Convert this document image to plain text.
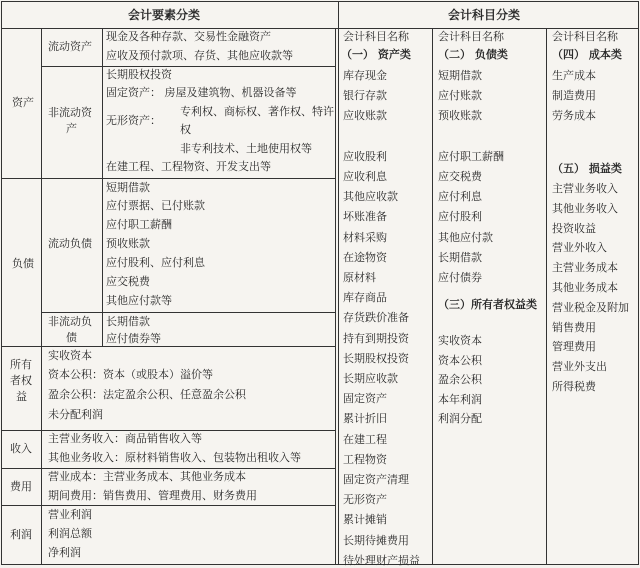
会计要素分类	会计科目分类
资产
流动资产
现金及各种存款、交易性金融资产
应收及预付款项、存货、其他应收款等
非流动资
产
长期股权投资
固定资产： 房屋及建筑物、机器设备等
专利权、商标权、著作权、特许
权
无形资产：
非专利技术、土地使用权等
在建工程、工程物资、开发支出等
负债
流动负债
短期借款
应付票据、已付账款
应付职工薪酬
预收账款
应付股利、应付利息
应交税费
其他应付款等
非流动负
债
长期借款
应付债券等
所有
者权
益
实收资本
资本公积：资本（或股本）溢价等
盈余公积：法定盈余公积、任意盈余公积
未分配利润
收入
主营业务收入：商品销售收入等
其他业务收入：原材料销售收入、包装物出租收入等
费用
营业成本：主营业务成本、其他业务成本
期间费用：销售费用、管理费用、财务费用
利润
营业利润
利润总额
净利润
会计科目名称
（一） 资产类
库存现金
银行存款
应收账款
应收股利
应收利息
其他应收款
坏账准备
材料采购
在途物资
原材料
库存商品
存货跌价准备
持有到期投资
长期股权投资
长期应收款
固定资产
累计折旧
在建工程
工程物资
固定资产清理
无形资产
累计摊销
长期待摊费用
待处理财产损益
会计科目名称
（二） 负债类
（三）所有者权益类
短期借款
应付账款
预收账款
应付职工薪酬
应交税费
应付利息
应付股利
其他应付款
长期借款
应付债券
实收资本
资本公积
盈余公积
本年利润
利润分配
会计科目名称
（四） 成本类
（五） 损益类
生产成本
制造费用
劳务成本
主营业务收入
其他业务收入
投资收益
营业外收入
主营业务成本
其他业务成本
营业税金及附加
销售费用
管理费用
营业外支出
所得税费
